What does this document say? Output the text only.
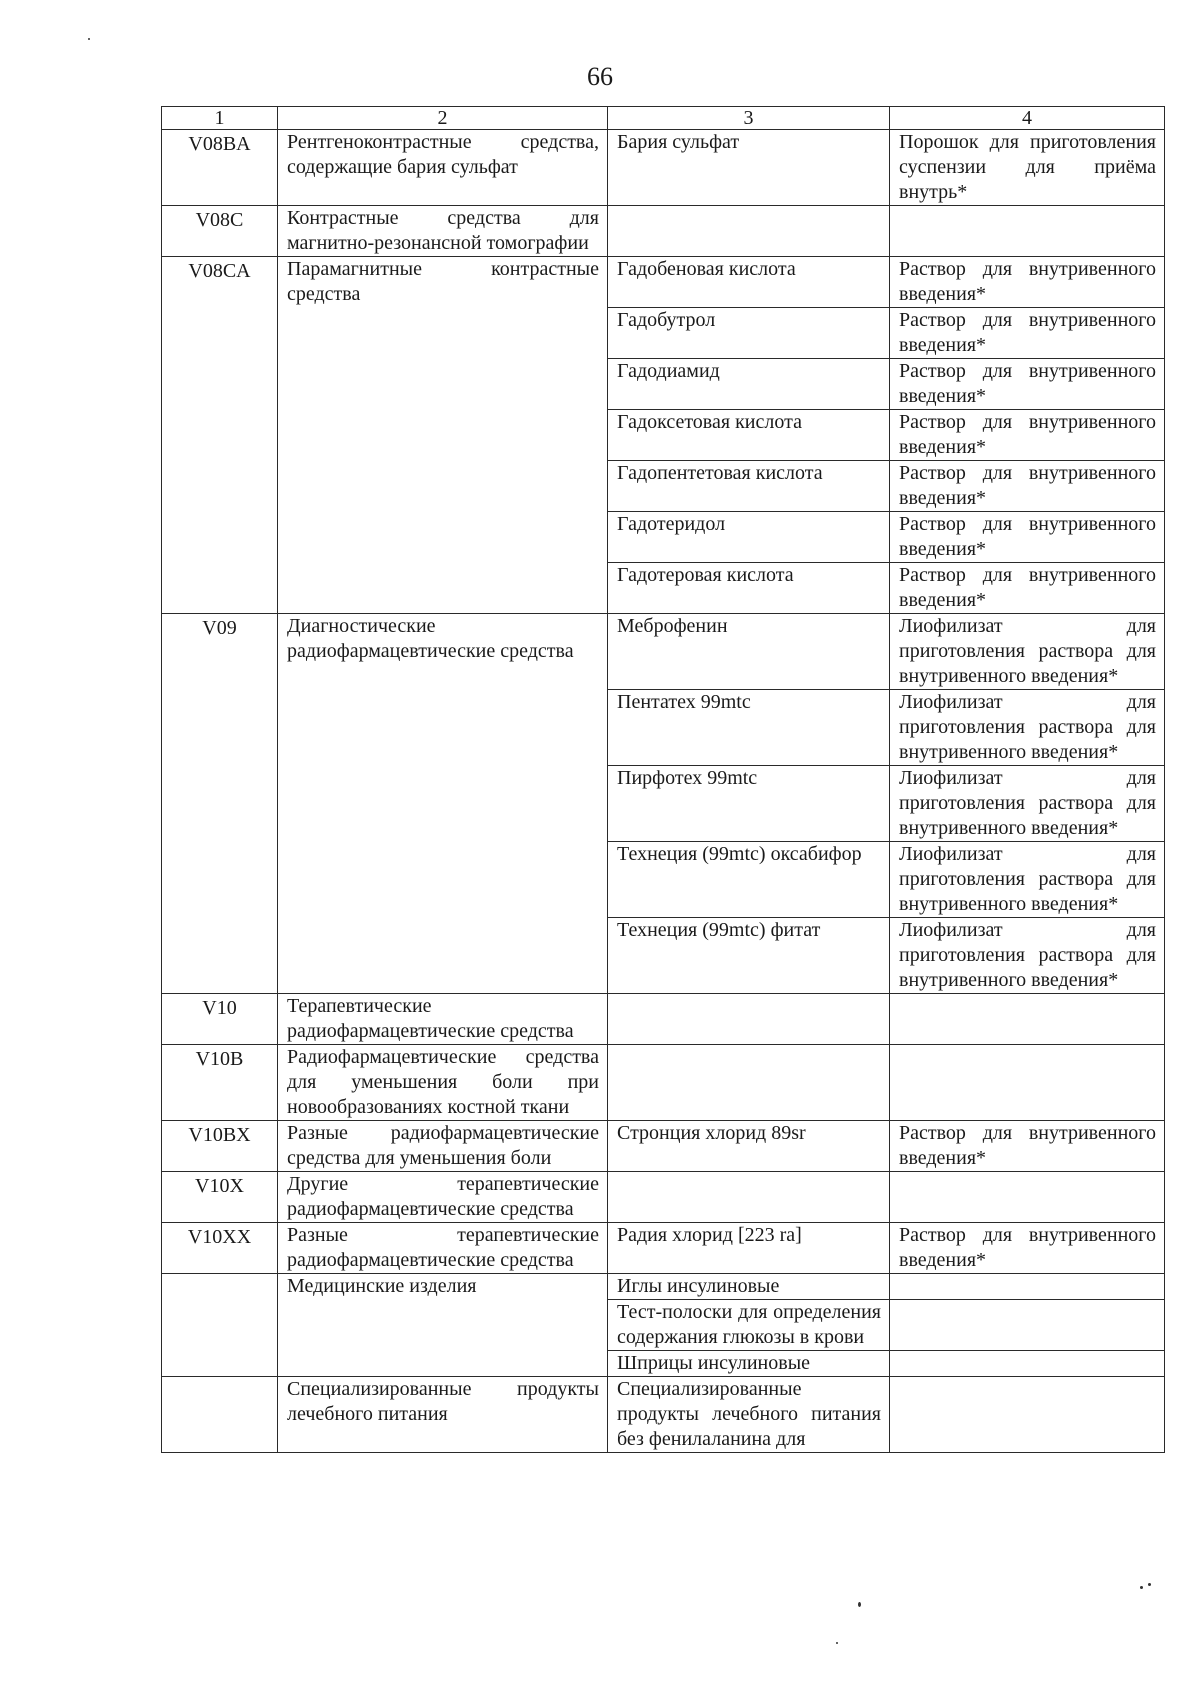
66
1	2	3	4
V08BA	Рентгеноконтрастные средства, содержащие бария сульфат	Бария сульфат	Порошок для приготовления суспензии для приёма внутрь*
V08C	Контрастные средства для магнитно-резонансной томографии		
V08CA	Парамагнитные контрастные средства	Гадобеновая кислота	Раствор для внутривенного введения*
		Гадобутрол	Раствор для внутривенного введения*
		Гадодиамид	Раствор для внутривенного введения*
		Гадоксетовая кислота	Раствор для внутривенного введения*
		Гадопентетовая кислота	Раствор для внутривенного введения*
		Гадотеридол	Раствор для внутривенного введения*
		Гадотеровая кислота	Раствор для внутривенного введения*
V09	Диагностические радиофармацевтические средства	Меброфенин	Лиофилизат для приготовления раствора для внутривенного введения*
		Пентатех 99mtc	Лиофилизат для приготовления раствора для внутривенного введения*
		Пирфотех 99mtc	Лиофилизат для приготовления раствора для внутривенного введения*
		Технеция (99mtc) оксабифор	Лиофилизат для приготовления раствора для внутривенного введения*
		Технеция (99mtc) фитат	Лиофилизат для приготовления раствора для внутривенного введения*
V10	Терапевтические радиофармацевтические средства		
V10B	Радиофармацевтические средства для уменьшения боли при новообразованиях костной ткани		
V10BX	Разные радиофармацевтические средства для уменьшения боли	Стронция хлорид 89sr	Раствор для внутривенного введения*
V10X	Другие терапевтические радиофармацевтические средства		
V10XX	Разные терапевтические радиофармацевтические средства	Радия хлорид [223 ra]	Раствор для внутривенного введения*
	Медицинские изделия	Иглы инсулиновые	
		Тест-полоски для определения содержания глюкозы в крови	
		Шприцы инсулиновые	
	Специализированные продукты лечебного питания	Специализированные продукты лечебного питания без фенилаланина для	
